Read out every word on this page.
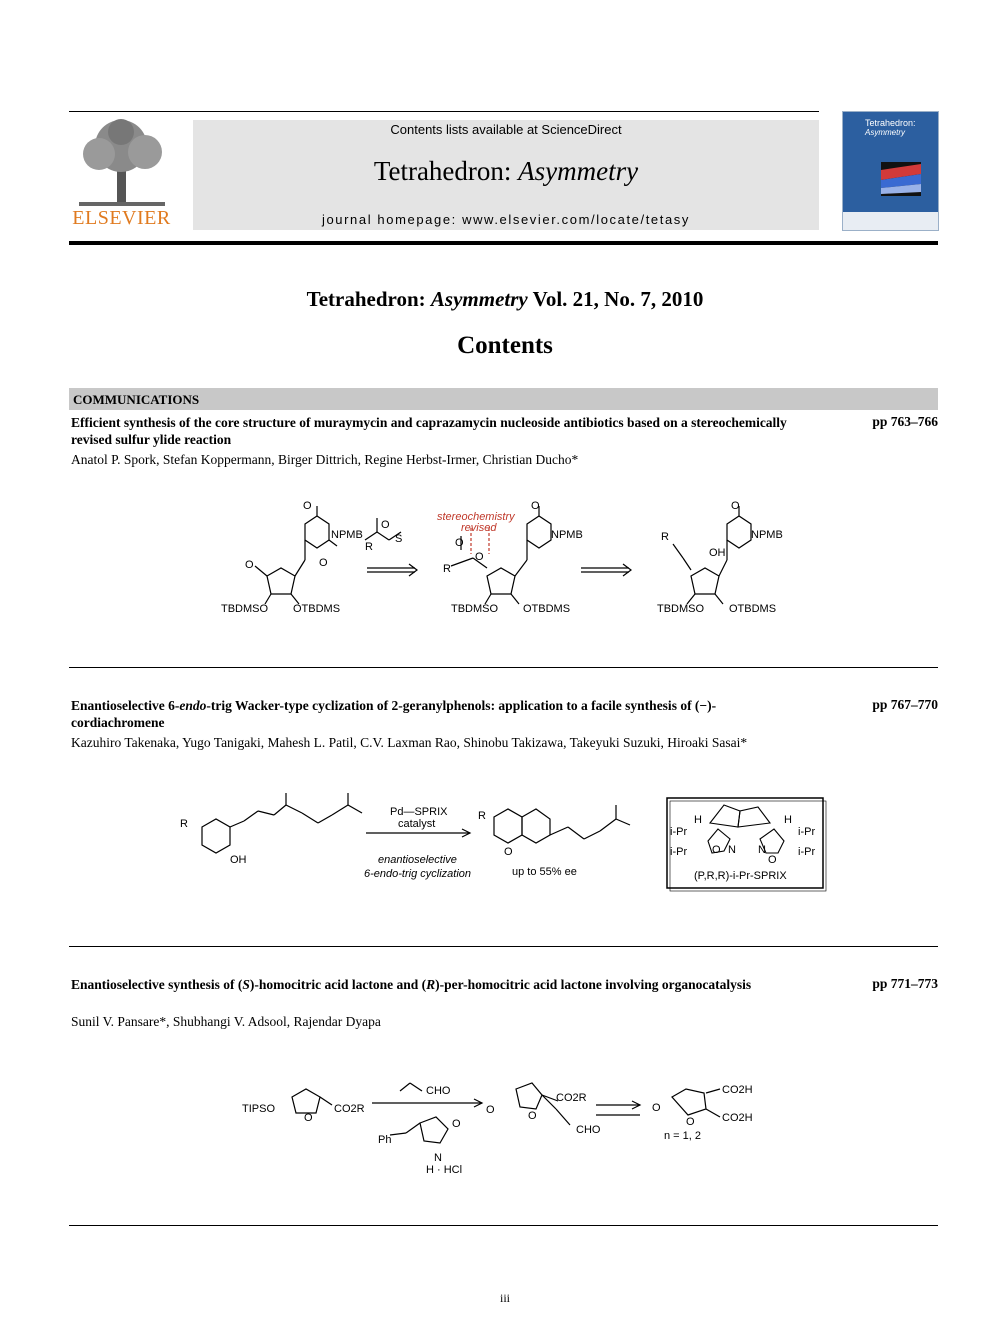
ELSEVIER
Contents lists available at ScienceDirect
Tetrahedron: Asymmetry
journal homepage: www.elsevier.com/locate/tetasy
Tetrahedron:
Asymmetry
Tetrahedron: Asymmetry Vol. 21, No. 7, 2010
Contents
COMMUNICATIONS
Efficient synthesis of the core structure of muraymycin and caprazamycin nucleoside antibiotics based on a stereochemically revised sulfur ylide reaction
pp 763–766
Anatol P. Spork, Stefan Koppermann, Birger Dittrich, Regine Herbst-Irmer, Christian Ducho*
O
NPMB
O
O
TBDMSO OTBDMS
R
O
S	NPMB
O
R
O
O
TBDMSO OTBDMS
NPMB
O
R
OH
TBDMSO OTBDMS
stereochemistry
revised
Enantioselective 6-endo-trig Wacker-type cyclization of 2-geranylphenols: application to a facile synthesis of (−)-cordiachromene
pp 767–770
Kazuhiro Takenaka, Yugo Tanigaki, Mahesh L. Patil, C.V. Laxman Rao, Shinobu Takizawa, Takeyuki Suzuki, Hiroaki Sasai*
R
OH
R
O
Pd—SPRIX
catalyst
enantioselective
6-endo-trig cyclization	up to 55% ee
H	H
i-Pr
i-Pr
i-Pr
i-Pr
O N N
O
(P,R,R)-i-Pr-SPRIX
Enantioselective synthesis of (S)-homocitric acid lactone and (R)-per-homocitric acid lactone involving organocatalysis	pp 771–773
Sunil V. Pansare*, Shubhangi V. Adsool, Rajendar Dyapa
TIPSO
O
CO2R
CHO
O
N
Ph
H · HCl
O	O
CO2R
CHO
O
O
CO2H
CO2H
n = 1, 2
iii
